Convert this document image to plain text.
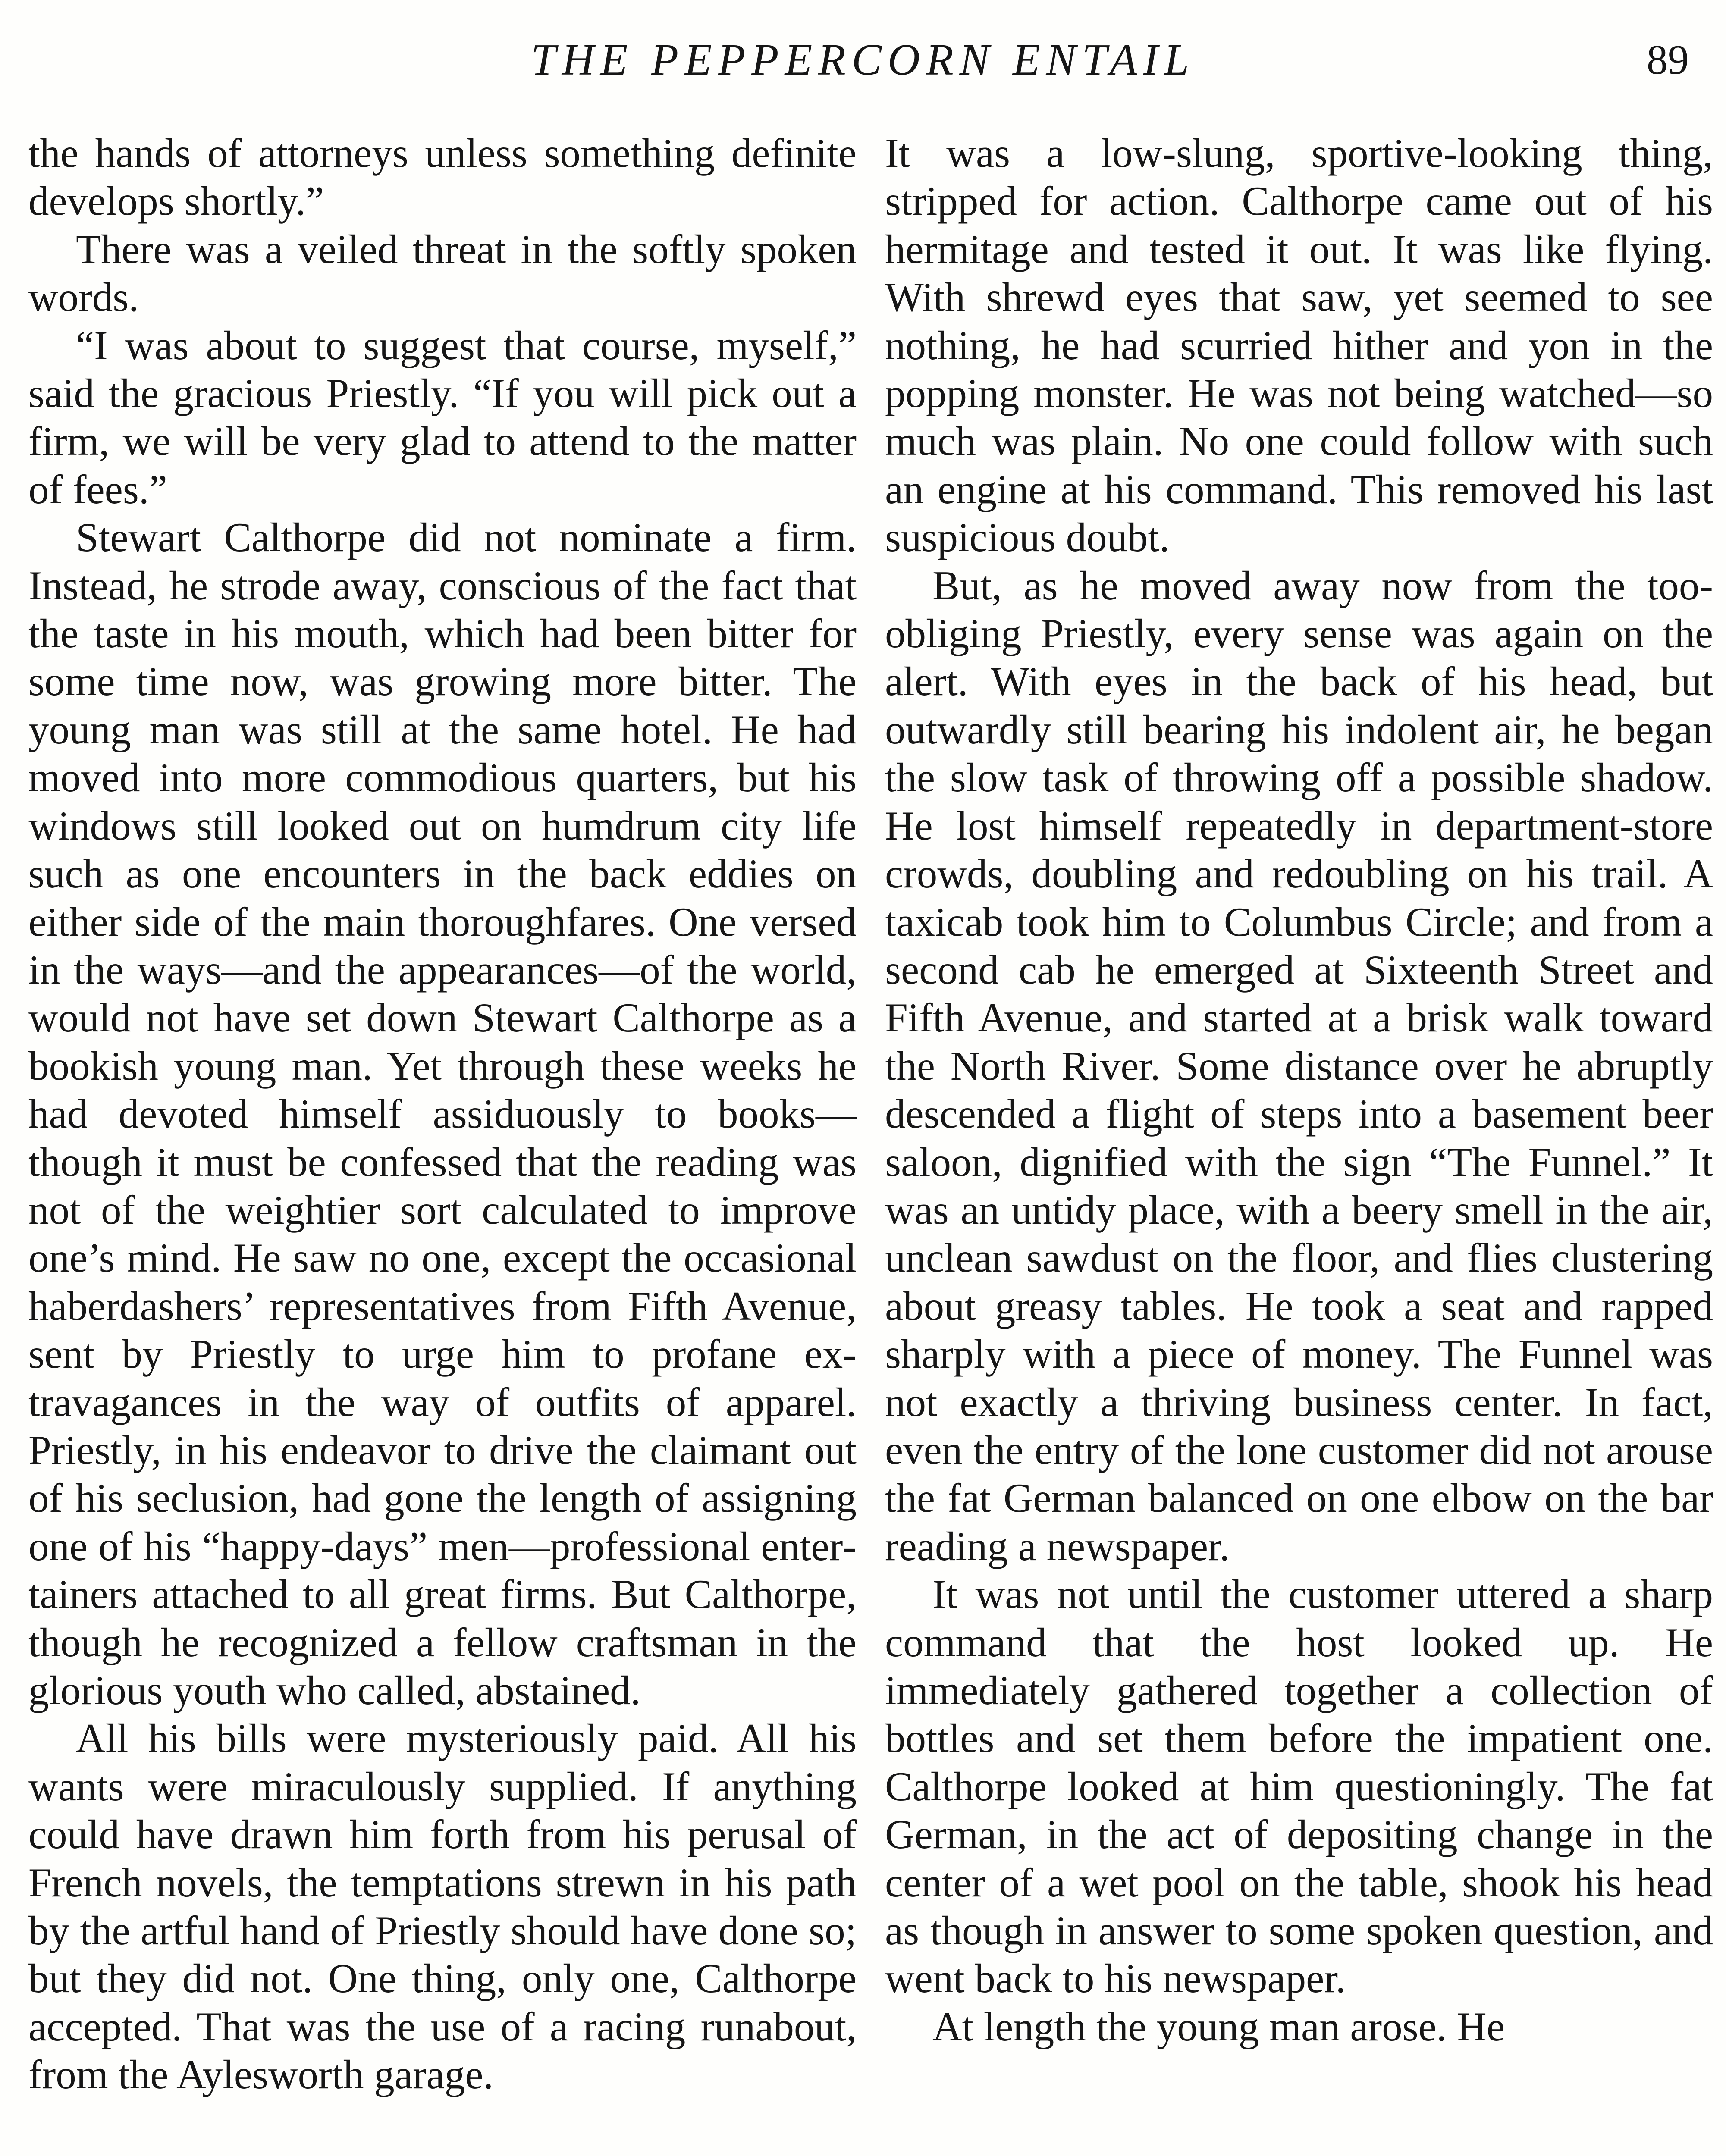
THE PEPPERCORN ENTAIL	89

the hands of attorneys unless something definite develops shortly.”

There was a veiled threat in the softly spoken words.

“I was about to suggest that course, myself,” said the gracious Priestly. “If you will pick out a firm, we will be very glad to attend to the matter of fees.”

Stewart Calthorpe did not nominate a firm. Instead, he strode away, conscious of the fact that the taste in his mouth, which had been bitter for some time now, was growing more bitter. The young man was still at the same hotel. He had moved into more commodious quarters, but his windows still looked out on humdrum city life such as one encounters in the back eddies on either side of the main thoroughfares. One versed in the ways—and the appearances—of the world, would not have set down Stewart Calthorpe as a bookish young man. Yet through these weeks he had devoted himself assiduously to books—though it must be confessed that the reading was not of the weightier sort calculated to improve one’s mind. He saw no one, except the occasional haberdashers’ representatives from Fifth Avenue, sent by Priestly to urge him to profane extravagances in the way of outfits of apparel. Priestly, in his endeavor to drive the claimant out of his seclusion, had gone the length of assigning one of his “happy-days” men—professional entertainers attached to all great firms. But Calthorpe, though he recognized a fellow craftsman in the glorious youth who called, abstained.

All his bills were mysteriously paid. All his wants were miraculously supplied. If anything could have drawn him forth from his perusal of French novels, the temptations strewn in his path by the artful hand of Priestly should have done so; but they did not. One thing, only one, Calthorpe accepted. That was the use of a racing runabout, from the Aylesworth garage.

It was a low-slung, sportive-looking thing, stripped for action. Calthorpe came out of his hermitage and tested it out. It was like flying. With shrewd eyes that saw, yet seemed to see nothing, he had scurried hither and yon in the popping monster. He was not being watched—so much was plain. No one could follow with such an engine at his command. This removed his last suspicious doubt.

But, as he moved away now from the too-obliging Priestly, every sense was again on the alert. With eyes in the back of his head, but outwardly still bearing his indolent air, he began the slow task of throwing off a possible shadow. He lost himself repeatedly in department-store crowds, doubling and redoubling on his trail. A taxicab took him to Columbus Circle; and from a second cab he emerged at Sixteenth Street and Fifth Avenue, and started at a brisk walk toward the North River. Some distance over he abruptly descended a flight of steps into a basement beer saloon, dignified with the sign “The Funnel.” It was an untidy place, with a beery smell in the air, unclean sawdust on the floor, and flies clustering about greasy tables. He took a seat and rapped sharply with a piece of money. The Funnel was not exactly a thriving business center. In fact, even the entry of the lone customer did not arouse the fat German balanced on one elbow on the bar reading a newspaper.

It was not until the customer uttered a sharp command that the host looked up. He immediately gathered together a collection of bottles and set them before the impatient one. Calthorpe looked at him questioningly. The fat German, in the act of depositing change in the center of a wet pool on the table, shook his head as though in answer to some spoken question, and went back to his newspaper.

At length the young man arose. He
